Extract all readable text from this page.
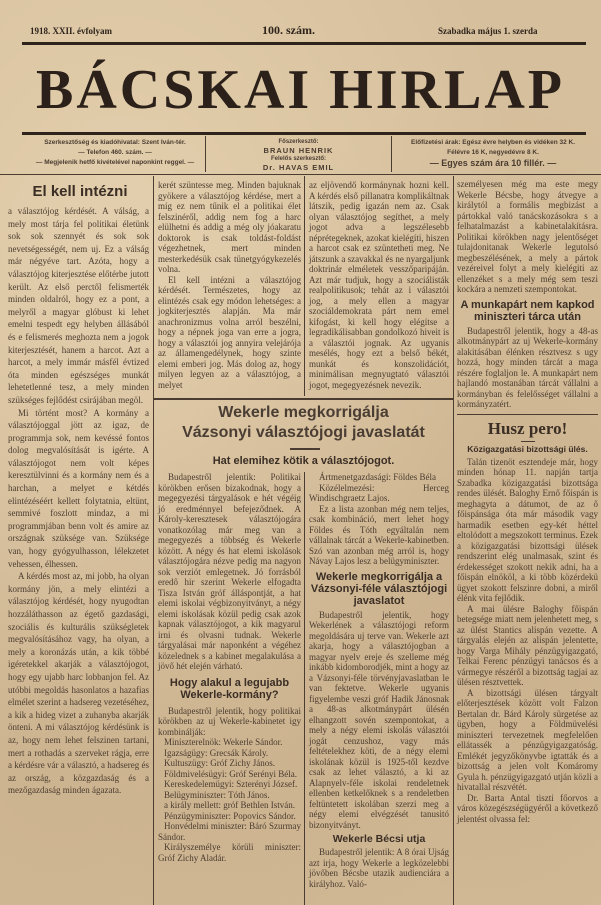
1918. XXII. évfolyam	100. szám.	Szabadka május 1. szerda
BÁCSKAI HIRLAP
Szerkesztőség és kiadóhivatal: Szent Iván-tér.
— Telefon 460. szám. —
— Megjelenik hetfő kivételével naponkint reggel. —
Főszerkesztő:
BRAUN HENRIK
Felelős szerkesztő:
Dr. HAVAS EMIL
Előfizetési árak: Egész évre helyben és vidéken 32 K.
Félévre 16 K, negyedévre 8 K.
— Egyes szám ára 10 fillér. —
El kell intézni

a választójog kérdését. A válság, a mely most tárja fel politikai életünk sok sok szennyét és sok sok nevetségességét, nem uj. Ez a válság már négyéve tart. Azóta, hogy a választójog kiterjesztése előtérbe jutott került. Az első perctől felismerték minden oldalról, hogy ez a pont, a melyről a magyar glóbust ki lehet emelni tespedt egy helyben állásából és e felismerés meghozta nem a jogok kiterjesztését, hanem a harcot. Azt a harcot, a mely immár másfél évtized óta minden egészséges munkát lehetetlenné tesz, a mely minden szükséges fejlődést csirájában megöl.

Mi történt most? A kormány a választójoggal jött az igaz, de programmja sok, nem kevéssé fontos dolog megvalósítását is igérte. A választójogot nem volt képes keresztülvinni és a kormány nem és a harchan, a melyet e kétdés elintézéséért kellett folytatnia, eltünt, semmivé foszlott mindaz, a mi programmjában benn volt és amire az országnak szüksége van. Szüksége van, hogy gyógyulhasson, lélekzetet vehessen, élhessen.

A kérdés most az, mi jobb, ha olyan kormány jön, a mely elintézi a választójog kérdését, hogy nyugodtan hozzáláthasson az égető gazdasági, szociális és kulturális szükségletek megvalósításához vagy, ha olyan, a mely a koronázás után, a kik többé igéretekkel akarják a választójogot, hogy egy ujabb harc lobbanjon fel. Az utóbbi megoldás hasonlatos a hazafias elmélet szerint a hadsereg vezetéséhez, a kik a hideg vizet a zuhanyba akarják önteni. A mi választójog kérdésünk is az, hogy nem lehet felszinen tartani, mert a rothadás a szerveket rágja, erre a kérdésre vár a választó, a hadsereg és az ország, a közgazdaság és a mezőgazdaság minden ágazata.

kerét szüntesse meg. Minden bajuknak gyökere a választójog kérdése, mert a míg ez nem tűnik el a politikai élet felszinéről, addig nem fog a harc elülhetni és addig a még oly jóakaratu doktorok is csak toldást-foldást végezhetnek, mert minden mesterkedésük csak tünetgyógykezelés volna.

El kell intézni a választójog kérdését. Természetes, hogy az elintézés csak egy módon lehetséges: a jogkiterjesztés alapján. Ma már anachronizmus volna arról beszélni, hogy a népnek joga van erre a jogra, hogy a választói jog annyira velejárója az államengedélynek, hogy szinte elemi emberi jog. Más dolog az, hogy milyen legyen az a választójog, a melyet

az eljövendő kormánynak hozni kell. A kérdés első pillanatra komplikáltnak látszik, pedig igazán nem az. Csak olyan választójog segíthet, a mely jogot adva a legszélesebb néprétegeknek, azokat kielégíti, hiszen a harcot csak ez szüntetheti meg. Ne játszunk a szavakkal és ne nyargaljunk doktrinár elméletek vesszőparipáján. Azt már tudjuk, hogy a szociálisták realpolitikusok; tehát az i választói jog, a mely ellen a magyar szociáldemokrata párt nem emel kifogást, ki kell hogy elégítse a legradikálisabban gondolkozó hiveit is a választói jognak. Az ugyanis mesélés, hogy ezt a belső békét, munkát és konszolidációt, minimálisan megnyugtató választói jogot, megegyezésnek nevezik.

Wekerle megkorrigálja
Vázsonyi választójogi javaslatát
Hat elemihez kötik a választójogot.

Budapestről jelentik: Politikai körökben erősen bizakodnak, hogy a megegyezési tárgyalások e hét végéig jó eredménnyel befejeződnek. A Károly-keresztesek választójogára vonatkozólag már meg van a megegyezés a többség és Wekerle között. A négy és hat elemi iskolások választójogára nézve pedig ma nagyon sok verziót emlegetnek. Jó forrásból eredő hir szerint Wekerle elfogadta Tisza István gróf álláspontját, a hat elemi iskolai végbizonyitványt, a négy elemi iskolásak közül pedig csak azok kapnak választójogot, a kik magyarul irni és olvasni tudnak. Wekerle tárgyalásai már naponként a végéhez közelednek s a kabinet megalakulása a jövő hét elején várható.

Hogy alakul a legujabb Wekerle-kormány?

Budapestről jelentik, hogy politikai körökben az uj Wekerle-kabinetet igy kombinálják:

Miniszterelnök: Wekerle Sándor.

Igazságügy: Grecsák Károly.

Kultuszügy: Gróf Zichy János.

Földmivelésügyi: Gróf Serényi Béla.

Kereskedelemügyi: Szterényi József.

Belügyminiszter: Tóth János.

a király mellett: gróf Bethlen István.

Pénzügyminiszter: Popovics Sándor.

Honvédelmi miniszter: Báró Szurmay Sándor.

Királyszemélye körüli miniszter: Gróf Zichy Aladár.

Ártmenetgazdasági: Földes Béla

Közélelmezési: Herceg Windischgraetz Lajos.

Ez a lista azonban még nem teljes, csak kombináció, mert lehet hogy Földes és Tóth egyáltalán nem vállalnak tárcát a Wekerle-kabinetben. Szó van azonban még arról is, hogy Návay Lajos lesz a belügyminiszter.

Wekerle megkorrigálja a Vázsonyi-féle választójogi javaslatot

Budapestről jelentik, hogy Wekerlének a választójogi reform megoldására uj terve van. Wekerle azt akarja, hogy a választójogban a magyar nyelv ereje és szelleme még inkább kidomborodjék, mint a hogy az a Vázsonyi-féle törvényjavaslatban le van fektetve. Wekerle ugyanis figyelembe veszi gróf Hadik Jánosnak a 48-as alkotmánypárt ülésén elhangzott sovén szempontokat, a mely a négy elemi iskolás választói jogát cenzushoz, vagy más feltételekhez köti, de a négy elemi iskolának közül is 1925-től kezdve csak az lehet választó, a ki az Alapnyelv-féle iskolai rendeletnek ellenben ketkelőknek s a rendeletben feltüntetett iskolában szerzi meg a négy elemi elvégzését tanusitó bizonyitványt.

Wekerle Bécsi utja

Budapestről jelentik: A 8 órai Ujság azt irja, hogy Wekerle a legközelebbi jövőben Bécsbe utazik audienciára a királyhoz. Való-

személyesen még ma este megy Wekerle Bécsbe, hogy átvegye a királytól a formális megbizást a pártokkal való tanácskozásokra s a felhatalmazást a kabinetalakításra. Politikai körökben nagy jelentőséget tulajdonitanak Wekerle legutolsó megbeszélésének, a mely a pártok vezéreivel folyt a mely kielégiti az ellenzéket s a mely még sem teszi kockára a nemzeti szempontokat.

A munkapárt nem kapkod miniszteri tárca után

Budapestről jelentik, hogy a 48-as alkotmánypárt az uj Wekerle-kormány alakitásában élénken résztvesz s ugy hozzá, hogy minden tárcát a maga részére foglaljon le. A munkapárt nem hajlandó mostanában tárcát vállalni a kormányban és felelősséget vállalni a kormányzatért.

Husz pero!
Közigazgatási bizottsági ülés.

Talán tizenöt esztendeje már, hogy minden hónap 11. napján tartja Szabadka közigazgatási bizottsága rendes ülését. Baloghy Ernő főispán is meghagyta a dátumot, de az ő főispánsága óta már második vagy harmadik esetben egy-két héttel eltolódott a megszokott terminus. Ezek a közigazgatási bizottsági ülések rendszerint elég unalmasak, szint és érdekességet szokott nekik adni, ha a főispán elnököl, a ki több közérdekü ügyet szokott felszinre dobni, a miről élénk vita fejlődik.

A mai ülésre Baloghy főispán betegsége miatt nem jelenhetett meg, s az ülést Stantics alispán vezette. A tárgyalás elején az alispán jelentette, hogy Varga Mihály pénzügyigazgató, Telkai Ferenc pénzügyi tanácsos és a vármegye részéről a bizottság tagjai az ülésen résztvettek.

A bizottsági ülésen tárgyalt előterjesztések között volt Falzon Bertalan dr. Bárd Károly sürgetése az ügyben, hogy a Földmüvelési miniszteri tervezetnek megfelelően ellátassék a pénzügyigazgatóság. Emlékét jegyzőkönyvbe igtatták és a bizottság a jelen volt Komáromy Gyula h. pénzügyigazgató utján közli a hivatallal részvétét.

Dr. Barta Antal tiszti főorvos a város közegészségügyéről a következő jelentést olvassa fel:
